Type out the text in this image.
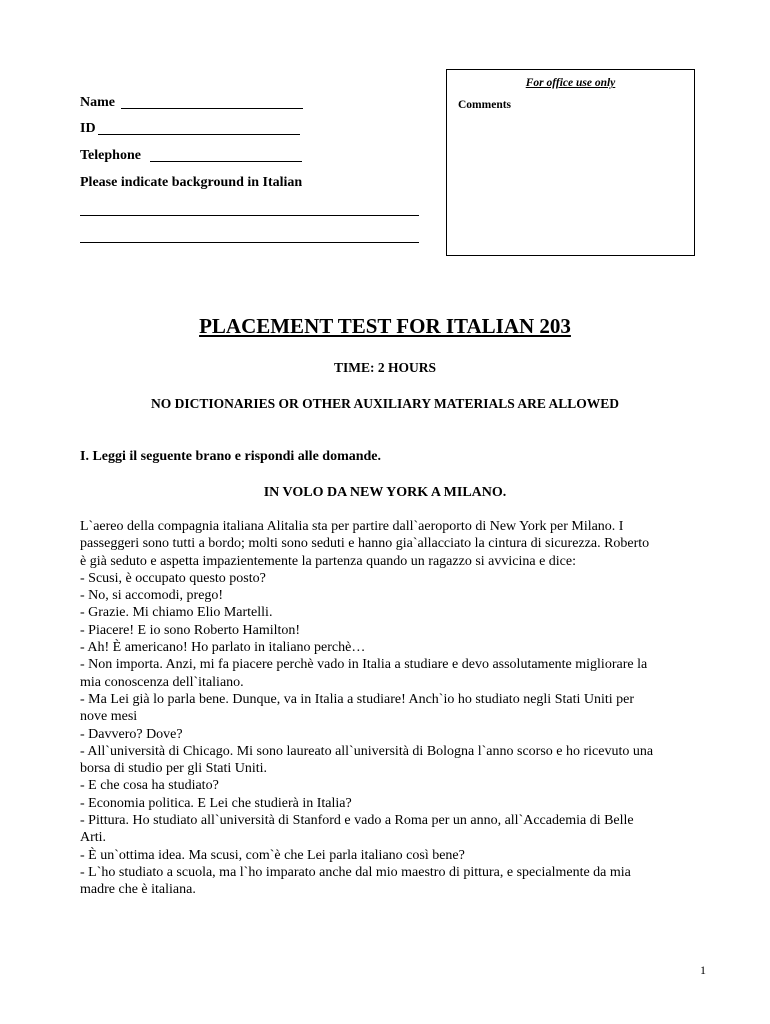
For office use only
Comments
Name
ID
Telephone
Please indicate background in Italian
PLACEMENT TEST FOR ITALIAN 203
TIME: 2 HOURS
NO DICTIONARIES OR OTHER AUXILIARY MATERIALS ARE ALLOWED
I. Leggi il seguente brano e rispondi alle domande.
IN VOLO DA NEW YORK A MILANO.

L`aereo della compagnia italiana Alitalia sta per partire dall`aeroporto di New York per Milano. I

passeggeri sono tutti a bordo; molti sono seduti e hanno gia`allacciato la cintura di sicurezza. Roberto

è già seduto e aspetta impazientemente la partenza quando un ragazzo si avvicina e dice:

- Scusi, è occupato questo posto?

- No, si accomodi, prego!

- Grazie. Mi chiamo Elio Martelli.

- Piacere! E io sono Roberto Hamilton!

- Ah! È americano! Ho parlato in italiano perchè…

- Non importa. Anzi, mi fa piacere perchè vado in Italia a studiare e devo assolutamente migliorare la

mia conoscenza dell`italiano.

- Ma Lei già lo parla bene. Dunque, va in Italia a studiare! Anch`io ho studiato negli Stati Uniti per

nove mesi

- Davvero? Dove?

- All`università di Chicago. Mi sono laureato all`università di Bologna l`anno scorso e ho ricevuto una

borsa di studio per gli Stati Uniti.

- E che cosa ha studiato?

- Economia politica. E Lei che studierà in Italia?

- Pittura. Ho studiato all`università di Stanford e vado a Roma per un anno, all`Accademia di Belle

Arti.

- È un`ottima idea. Ma scusi, com`è che Lei parla italiano così bene?

- L`ho studiato a scuola, ma l`ho imparato anche dal mio maestro di pittura, e specialmente da mia

madre che è italiana.

1
